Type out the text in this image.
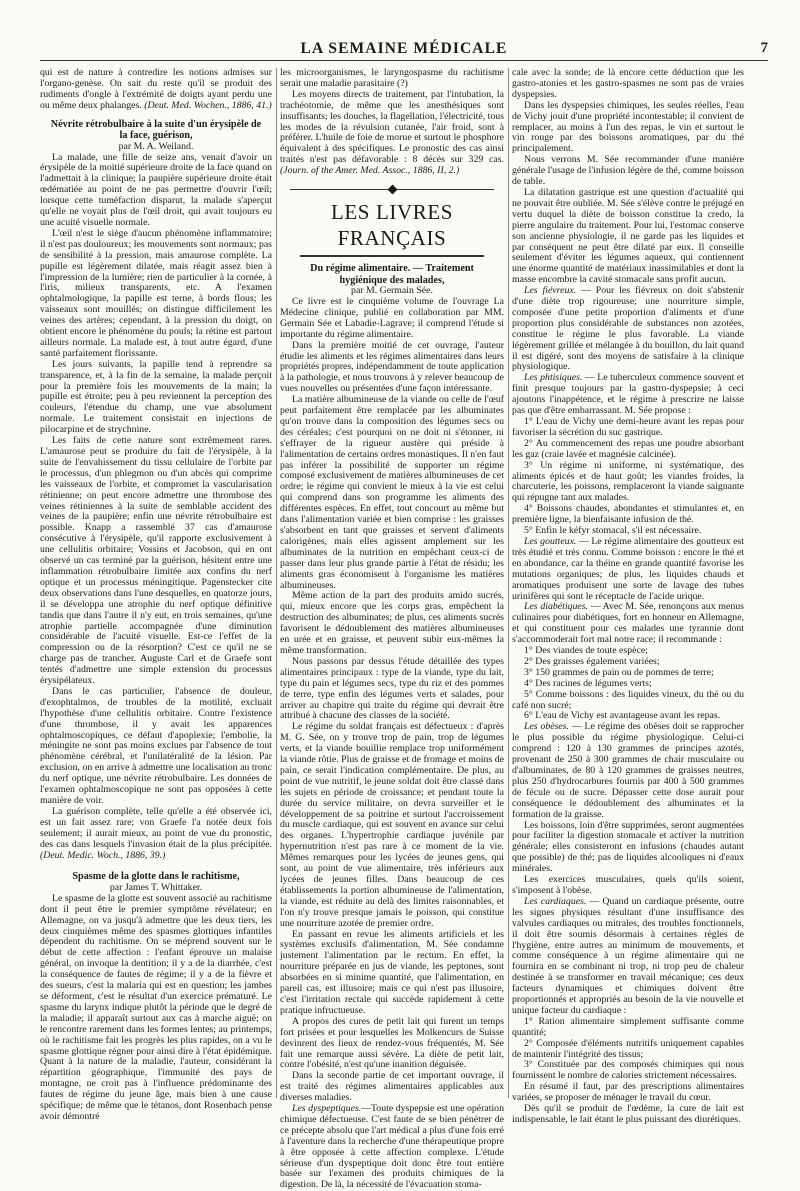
LA SEMAINE MÉDICALE	7

qui est de nature à contredire les notions admises sur l'organo-genèse. On sait du reste qu'il se produit des rudiments d'ongle à l'extrémité de doigts ayant perdu une ou même deux phalanges. (Deut. Med. Wochen., 1886, 41.)

Névrite rétrobulbaire à la suite d'un érysipèle de la face, guérison,

par M. A. Weiland.

La malade, une fille de seize ans, venait d'avoir un érysipèle de la moitié supérieure droite de la face quand on l'admettait à la clinique; la paupière supérieure droite était œdématiée au point de ne pas permettre d'ouvrir l'œil; lorsque cette tuméfaction disparut, la malade s'aperçut qu'elle ne voyait plus de l'œil droit, qui avait toujours eu une acuité visuelle normale.

L'œil n'est le siège d'aucun phénomène inflammatoire; il n'est pas douloureux; les mouvements sont normaux; pas de sensibilité à la pression, mais amaurose complète. La pupille est légèrement dilatée, mais réagit assez bien à l'impression de la lumière; rien de particulier à la cornée, à l'iris, milieux transparents, etc. A l'examen ophtalmologique, la papille est terne, à bords flous; les vaisseaux sont mouillés; on distingue difficilement les veines des artères; cependant, à la pression du doigt, on obtient encore le phénomène du pouls; la rétine est partout ailleurs normale. La malade est, à tout autre égard, d'une santé parfaitement florissante.

Les jours suivants, la papille tend à reprendre sa transparence, et, à la fin de la semaine, la malade perçoit pour la première fois les mouvements de la main; la pupille est étroite; peu à peu reviennent la perception des couleurs, l'étendue du champ, une vue absolument normale. Le traitement consistait en injections de pilocarpine et de strychnine.

Les faits de cette nature sont extrêmement rares. L'amaurose peut se produire du fait de l'érysipèle, à la suite de l'envahissement du tissu cellulaire de l'orbite par le processus, d'un phlegmon ou d'un abcès qui comprime les vaisseaux de l'orbite, et compromet la vascularisation rétinienne; on peut encore admettre une thrombose des veines rétiniennes à la suite de semblable accident des veines de la paupière; enfin une névrite rétrobulbaire est possible. Knapp a rassemblé 37 cas d'amaurose consécutive à l'érysipèle, qu'il rapporte exclusivement à une cellulitis orbitaire; Vossins et Jacobson, qui en ont observé un cas terminé par la guérison, hésitent entre une inflammation rétrobulbaire limitée aux confins du nerf optique et un processus méningitique. Pagenstecker cite deux observations dans l'une desquelles, en quatorze jours, il se développa une atrophie du nerf optique définitive tandis que dans l'autre il n'y eut, en trois semaines, qu'une atrophie partielle accompagnée d'une diminution considérable de l'acuité visuelle. Est-ce l'effet de la compression ou de la résorption? C'est ce qu'il ne se charge pas de trancher. Auguste Carl et de Graefe sont tentés d'admettre une simple extension du processus érysipélateux.

Dans le cas particulier, l'absence de douleur, d'exophtalmos, de troubles de la motilité, excluait l'hypothèse d'une cellulitis orbitaire. Contre l'existence d'une thrombose, il y avait les apparences ophtalmoscopiques, ce défaut d'apoplexie; l'embolie, la méningite ne sont pas moins exclues par l'absence de tout phénomène cérébral, et l'unilatéralité de la lésion. Par exclusion, on en arrive à admettre une localisation au tronc du nerf optique, une névrite rétrobulbaire. Les données de l'examen ophtalmoscopique ne sont pas opposées à cette manière de voir.

La guérison complète, telle qu'elle a été observée ici, est un fait assez rare; von Graefe l'a notée deux fois seulement; il aurait mieux, au point de vue du pronostic, des cas dans lesquels l'invasion était de la plus précipitée. (Deut. Medic. Woch., 1886, 39.)

Spasme de la glotte dans le rachitisme,

par James T. Whittaker.

Le spasme de la glotte est souvent associé au rachitisme dont il peut être le premier symptôme révélateur; en Allemagne, on va jusqu'à admettre que les deux tiers, les deux cinquièmes même des spasmes glottiques infantiles dépendent du rachitisme. On se méprend souvent sur le début de cette affection : l'enfant éprouve un malaise général, on invoque la dentition; il y a de la diarrhée, c'est la conséquence de fautes de régime; il y a de la fièvre et des sueurs, c'est la malaria qui est en question; les jambes se déforment, c'est le résultat d'un exercice prématuré. Le spasme du larynx indique plutôt la période que le degré de la maladie; il apparaît surtout aux cas à marche aiguë; on le rencontre rarement dans les formes lentes; au printemps, où le rachitisme fait les progrès les plus rapides, on a vu le spasme glottique régner pour ainsi dire à l'état épidémique. Quant à la nature de la maladie, l'auteur, considérant la répartition géographique, l'immunité des pays de montagne, ne croit pas à l'influence prédominante des fautes de régime du jeune âge, mais bien à une cause spécifique; de même que le tétanos, dont Rosenbach pense avoir démontré

les microorganismes, le laryngospasme du rachitisme serait une maladie parasitaire (?)

Les moyens directs de traitement, par l'intubation, la trachéotomie, de même que les anesthésiques sont insuffisants; les douches, la flagellation, l'électricité, tous les modes de la révulsion cutanée, l'air froid, sont à préférer. L'huile de foie de morue et surtout le phosphore équivalent à des spécifiques. Le pronostic des cas ainsi traités n'est pas défavorable : 8 décès sur 329 cas. (Journ. of the Amer. Med. Assoc., 1886, II, 2.)

LES LIVRES FRANÇAIS
Du régime alimentaire. — Traitement hygiénique des malades,

par M. Germain Sée.

Ce livre est le cinquième volume de l'ouvrage La Médecine clinique, publié en collaboration par MM. Germain Sée et Labadie-Lagrave; il comprend l'étude si importante du régime alimentaire.

Dans la première moitié de cet ouvrage, l'auteur étudie les aliments et les régimes alimentaires dans leurs propriétés propres, indépendamment de toute application à la pathologie, et nous trouvons à y relever beaucoup de vues nouvelles ou présentées d'une façon intéressante.

La matière albumineuse de la viande ou celle de l'œuf peut parfaitement être remplacée par les albuminates qu'on trouve dans la composition des légumes secs ou des céréales; c'est pourquoi on ne doit ni s'étonner, ni s'effrayer de la rigueur austère qui préside à l'alimentation de certains ordres monastiques. Il n'en faut pas inférer la possibilité de supporter un régime composé exclusivement de matières albumineuses de cet ordre; le régime qui convient le mieux à la vie est celui qui comprend dans son programme les aliments des différentes espèces. En effet, tout concourt au même but dans l'alimentation variée et bien comprise : les graisses s'absorbent en tant que graisses et servent d'aliments calorigènes, mais elles agissent amplement sur les albuminates de la nutrition en empêchant ceux-ci de passer dans leur plus grande partie à l'état de résidu; les aliments gras économisent à l'organisme les matières albumineuses.

Même action de la part des produits amido sucrés, qui, mieux encore que les corps gras, empêchent la destruction des albuminates; de plus, ces aliments sucrés favorisent le dédoublement des matières albumineuses en urée et en graisse, et peuvent subir eux-mêmes la même transformation.

Nous passons par dessus l'étude détaillée des types alimentaires principaux : type de la viande, type du lait, type du pain et légumes secs, type du riz et des pommes de terre, type enfin des légumes verts et salades, pour arriver au chapitre qui traite du régime qui devrait être attribué à chacune des classes de la société.

Le régime du soldat français est défectueux : d'après M. G. Sée, on y trouve trop de pain, trop de légumes verts, et la viande bouillie remplace trop uniformément la viande rôtie. Plus de graisse et de fromage et moins de pain, ce serait l'indication complémentaire. De plus, au point de vue nutritif, le jeune soldat doit être classé dans les sujets en période de croissance; et pendant toute la durée du service militaire, on devra surveiller et le développement de sa poitrine et surtout l'accroissement du muscle cardiaque, qui est souvent en avance sur celui des organes. L'hypertrophie cardiaque juvénile par hypernutrition n'est pas rare à ce moment de la vie. Mêmes remarques pour les lycées de jeunes gens, qui sont, au point de vue alimentaire, très inférieurs aux lycées de jeunes filles. Dans beaucoup de ces établissements la portion albumineuse de l'alimentation, la viande, est réduite au delà des limites raisonnables, et l'on n'y trouve presque jamais le poisson, qui constitue une nourriture azotée de premier ordre.

En passant en revue les aliments artificiels et les systèmes exclusifs d'alimentation, M. Sée condamne justement l'alimentation par le rectum. En effet, la nourriture préparée en jus de viande, les peptones, sont absorbées en si minime quantité, que l'alimentation, en pareil cas, est illusoire; mais ce qui n'est pas illusoire, c'est l'irritation rectale qui succède rapidement à cette pratique infructueuse.

A propos des cures de petit lait qui furent un temps fort prisées et pour lesquelles les Molkencurs de Suisse devinrent des lieux de rendez-vous fréquentés, M. Sée fait une remarque aussi sévère. La diète de petit lait, contre l'obésité, n'est qu'une inanition déguisée.

Dans la seconde partie de cet important ouvrage, il est traité des régimes alimentaires applicables aux diverses maladies.

Les dyspeptiques.—Toute dyspepsie est une opération chimique défectueuse. C'est faute de se bien pénétrer de ce précepte absolu que l'art médical a plus d'une fois erré à l'aventure dans la recherche d'une thérapeutique propre à être opposée à cette affection complexe. L'étude sérieuse d'un dyspeptique doit donc être tout entière basée sur l'examen des produits chimiques de la digestion. De là, la nécessité de l'évacuation stoma-

cale avec la sonde; de là encore cette déduction que les gastro-atonies et les gastro-spasmes ne sont pas de vraies dyspepsies.

Dans les dyspepsies chimiques, les seules réelles, l'eau de Vichy jouit d'une propriété incontestable; il convient de remplacer, au moins à l'un des repas, le vin et surtout le vin rouge par des boissons aromatiques, par du thé principalement.

Nous verrons M. Sée recommander d'une manière générale l'usage de l'infusion légère de thé, comme boisson de table.

La dilatation gastrique est une question d'actualité qui ne pouvait être oubliée. M. Sée s'élève contre le préjugé en vertu duquel la diète de boisson constitue la credo, la pierre angulaire du traitement. Pour lui, l'estomac conserve son ancienne physiologie, il ne garde pas les liquides et par conséquent ne peut être dilaté par eux. Il conseille seulement d'éviter les légumes aqueux, qui contiennent une énorme quantité de matériaux inassimilables et dont la masse encombre la cavité stomacale sans profit aucun.

Les fiévreux. — Pour les fiévreux on doit s'abstenir d'une diète trop rigoureuse; une nourriture simple, composée d'une petite proportion d'aliments et d'une proportion plus considérable de substances non azotées, constitue le régime le plus favorable. La viande légèrement grillée et mélangée à du bouillon, du lait quand il est digéré, sont des moyens de satisfaire à la clinique physiologique.

Les phtisiques. — Le tuberculeux commence souvent et finit presque toujours par la gastro-dyspepsie; à ceci ajoutons l'inappétence, et le régime à prescrire ne laisse pas que d'être embarrassant. M. Sée propose :

1° L'eau de Vichy une demi-heure avant les repas pour favoriser la sécrétion du suc gastrique.

2° Au commencement des repas une poudre absorbant les gaz (craie lavée et magnésie calcinée).

3° Un régime ni uniforme, ni systématique, des aliments épicés et de haut goût; les viandes froides, la charcuterie, les poissons, remplaceront la viande saignante qui répugne tant aux malades.

4° Boissons chaudes, abondantes et stimulantes et, en première ligne, la bienfaisante infusion de thé.

5° Enfin le kéfyr stomacal, s'il est nécessaire.

Les goutteux. — Le régime alimentaire des goutteux est très étudié et très connu. Comme boisson : encore le thé et en abondance, car la théine en grande quantité favorise les mutations organiques; de plus, les liquides chauds et aromatiques produisent une sorte de lavage des tubes urinifères qui sont le réceptacle de l'acide urique.

Les diabétiques. — Avec M. Sée, renonçons aux menus culinaires pour diabétiques, fort en honneur en Allemagne, et qui constituent pour ces malades une tyrannie dont s'accommoderait fort mal notre race; il recommande :

1° Des viandes de toute espèce;

2° Des graisses également variées;

3° 150 grammes de pain ou de pommes de terre;

4° Des racines de légumes verts;

5° Comme boissons : des liquides vineux, du thé ou du café non sucré;

6° L'eau de Vichy est avantageuse avant les repas.

Les obèses. — Le régime des obèses doit se rapprocher le plus possible du régime physiologique. Celui-ci comprend : 120 à 130 grammes de principes azotés, provenant de 250 à 300 grammes de chair musculaire ou d'albuminates, de 80 à 120 grammes de graisses neutres, plus 250 d'hydrocarbures fournis par 400 à 500 grammes de fécule ou de sucre. Dépasser cette dose aurait pour conséquence le dédoublement des albuminates et la formation de la graisse.

Les boissons, loin d'être supprimées, seront augmentées pour faciliter la digestion stomacale et activer la nutrition générale; elles consisteront en infusions (chaudes autant que possible) de thé; pas de liquides alcooliques ni d'eaux minérales.

Les exercices musculaires, quels qu'ils soient, s'imposent à l'obèse.

Les cardiaques. — Quand un cardiaque présente, outre les signes physiques résultant d'une insuffisance des valvules cardiaques ou mitrales, des troubles fonctionnels, il doit être soumis désormais à certaines règles de l'hygiène, entre autres au minimum de mouvements, et comme conséquence à un régime alimentaire qui ne fournira en se combinant ni trop, ni trop peu de chaleur destinée à se transformer en travail mécanique; ces deux facteurs dynamiques et chimiques doivent être proportionnés et appropriés au besoin de la vie nouvelle et unique facteur du cardiaque :

1° Ration alimentaire simplement suffisante comme quantité;

2° Composée d'éléments nutritifs uniquement capables de maintenir l'intégrité des tissus;

3° Constituée par des composés chimiques qui nous fournissent le nombre de calories strictement nécessaires.

En résumé il faut, par des prescriptions alimentaires variées, se proposer de ménager le travail du cœur.

Dès qu'il se produit de l'œdème, la cure de lait est indispensable, le lait étant le plus puissant des diurétiques.
